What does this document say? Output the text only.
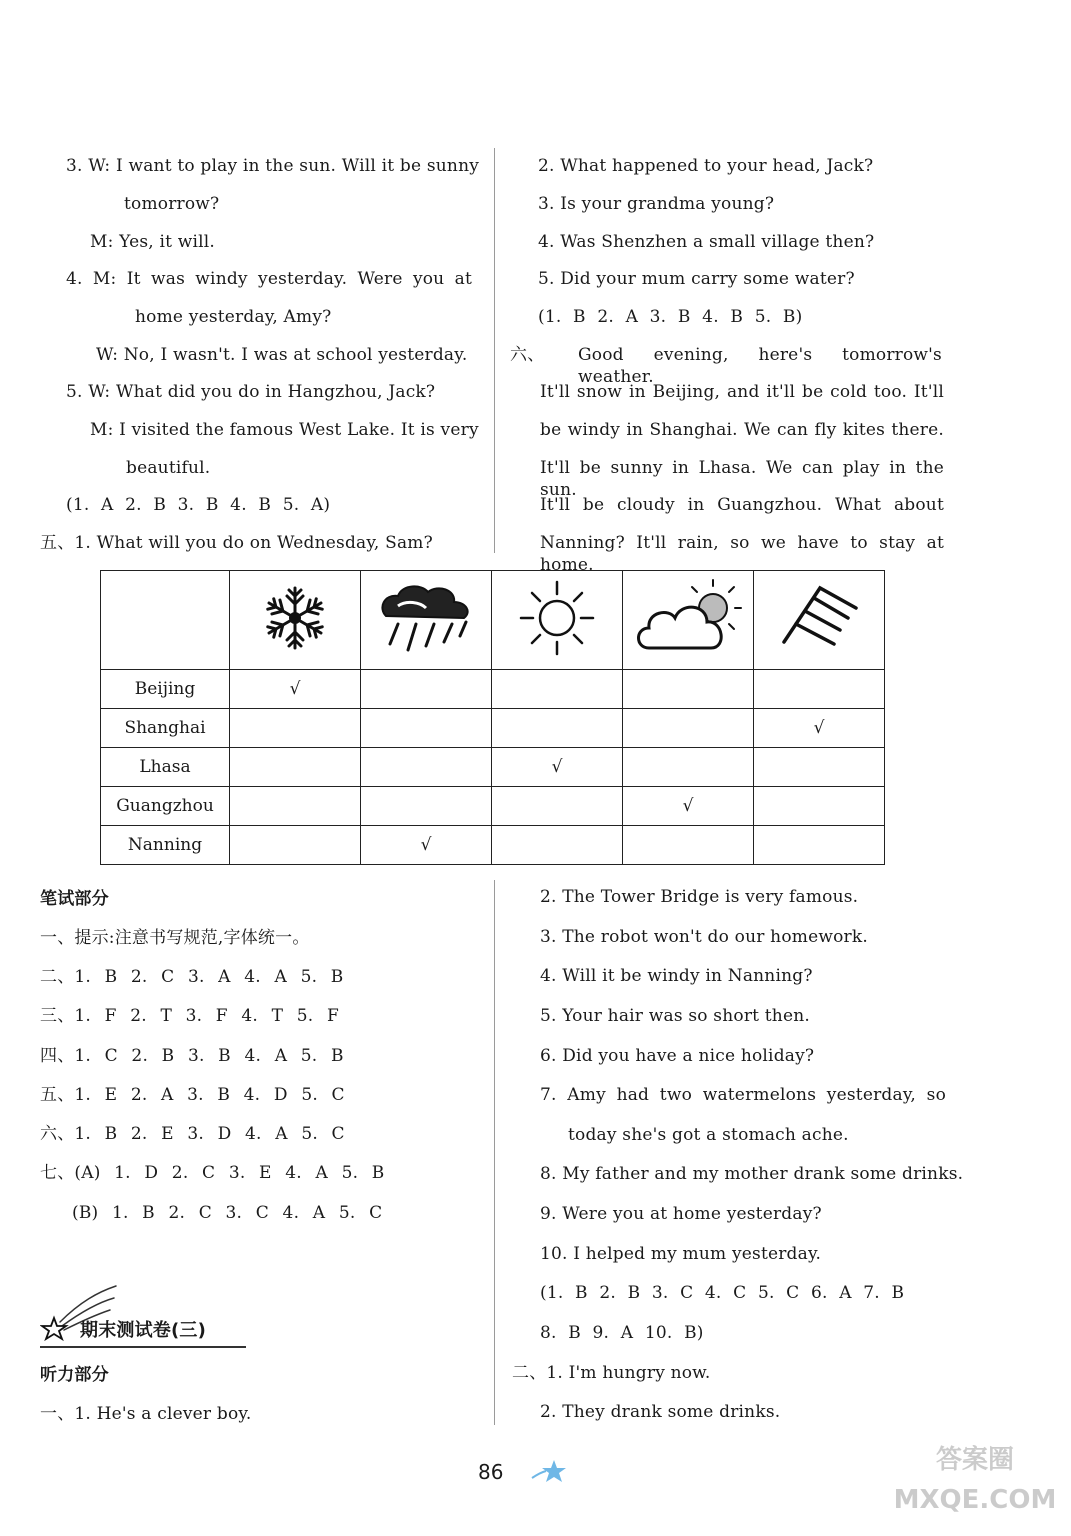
3. W: I want to play in the sun. Will it be sunny
tomorrow?
M: Yes, it will.
4. M: It was windy yesterday. Were you at
home yesterday, Amy?
W: No, I wasn't. I was at school yesterday.
5. W: What did you do in Hangzhou, Jack?
M: I visited the famous West Lake. It is very
beautiful.
(1. A 2. B 3. B 4. B 5. A)
五、1. What will you do on Wednesday, Sam?
2. What happened to your head, Jack?
3. Is your grandma young?
4. Was Shenzhen a small village then?
5. Did your mum carry some water?
(1. B 2. A 3. B 4. B 5. B)
六、 Good evening, here's tomorrow's weather.
It'll snow in Beijing, and it'll be cold too. It'll
be windy in Shanghai. We can fly kites there.
It'll be sunny in Lhasa. We can play in the sun.
It'll be cloudy in Guangzhou. What about
Nanning? It'll rain, so we have to stay at home.

Beijing	√				
Shanghai					√
Lhasa			√		
Guangzhou				√	
Nanning		√			
笔试部分
一、提示:注意书写规范,字体统一。
二、1. B 2. C 3. A 4. A 5. B
三、1. F 2. T 3. F 4. T 5. F
四、1. C 2. B 3. B 4. A 5. B
五、1. E 2. A 3. B 4. D 5. C
六、1. B 2. E 3. D 4. A 5. C
七、(A) 1. D 2. C 3. E 4. A 5. B
(B) 1. B 2. C 3. C 4. A 5. C
期末测试卷(三)
听力部分
一、1. He's a clever boy.
2. The Tower Bridge is very famous.
3. The robot won't do our homework.
4. Will it be windy in Nanning?
5. Your hair was so short then.
6. Did you have a nice holiday?
7. Amy had two watermelons yesterday, so
today she's got a stomach ache.
8. My father and my mother drank some drinks.
9. Were you at home yesterday?
10. I helped my mum yesterday.
(1. B 2. B 3. C 4. C 5. C 6. A 7. B
8. B 9. A 10. B)
二、1. I'm hungry now.
2. They drank some drinks.
86	答案圈 MXQE.COM
